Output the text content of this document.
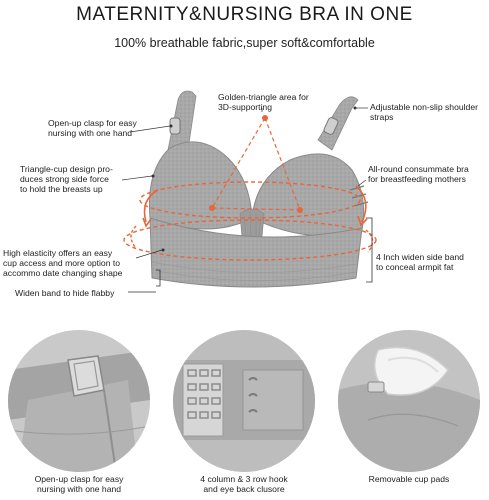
MATERNITY&NURSING BRA IN ONE
100% breathable fabric,super soft&comfortable
Golden-triangle area for
3D-supporting
Open-up clasp for easy
nursing with one hand
Adjustable non-slip shoulder
straps
Triangle-cup design pro-
duces strong side force
to hold the breasts up
All-round consummate bra
for breastfeeding mothers
High elasticity offers an easy
cup access and more option to
accommo date changing shape
4 Inch widen side band
to conceal armpit fat
Widen band to hide flabby
Open-up clasp for easy
nursing with one hand
4 column & 3 row hook
and eye back clusore
Removable cup pads
